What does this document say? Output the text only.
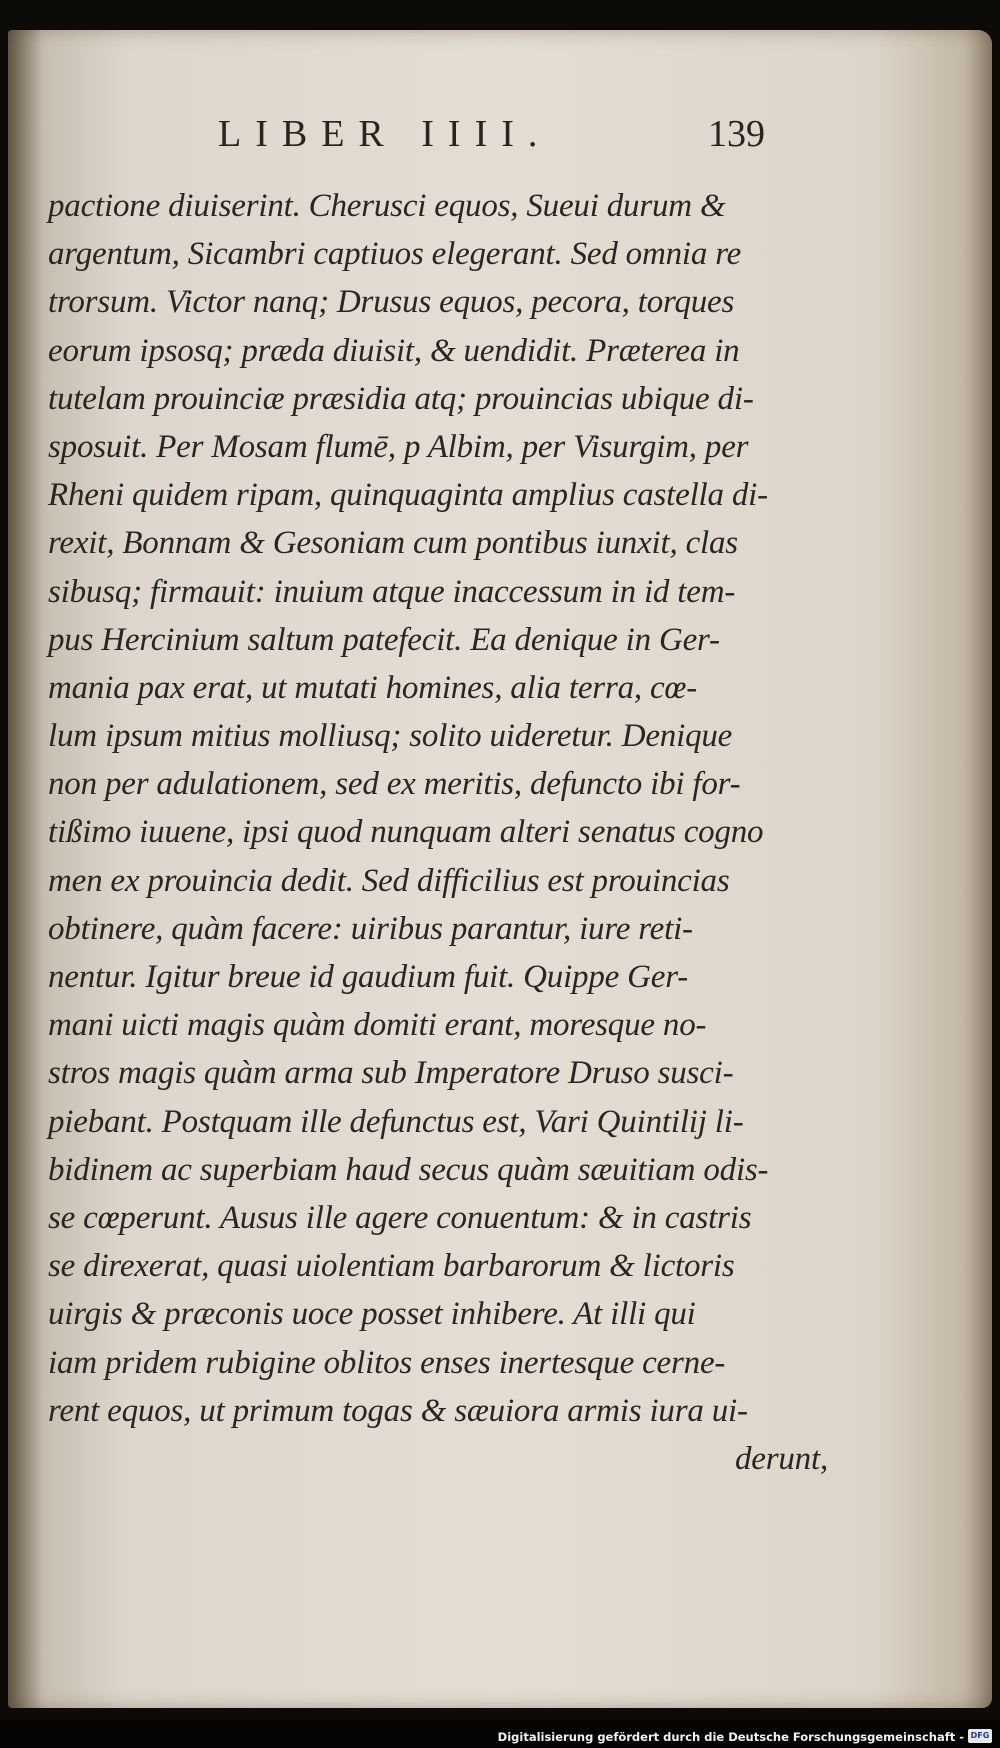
LIBER IIII.	139
pactione diuiserint. Cherusci equos, Sueui durum &
argentum, Sicambri captiuos elegerant. Sed omnia re
trorsum. Victor nanq; Drusus equos, pecora, torques
eorum ipsosq; præda diuisit, & uendidit. Præterea in
tutelam prouinciæ præsidia atq; prouincias ubique di-
sposuit. Per Mosam flumē, p Albim, per Visurgim, per
Rheni quidem ripam, quinquaginta amplius castella di-
rexit, Bonnam & Gesoniam cum pontibus iunxit, clas
sibusq; firmauit: inuium atque inaccessum in id tem-
pus Hercinium saltum patefecit. Ea denique in Ger-
mania pax erat, ut mutati homines, alia terra, cœ-
lum ipsum mitius molliusq; solito uideretur. Denique
non per adulationem, sed ex meritis, defuncto ibi for-
tißimo iuuene, ipsi quod nunquam alteri senatus cogno
men ex prouincia dedit. Sed difficilius est prouincias
obtinere, quàm facere: uiribus parantur, iure reti-
nentur. Igitur breue id gaudium fuit. Quippe Ger-
mani uicti magis quàm domiti erant, moresque no-
stros magis quàm arma sub Imperatore Druso susci-
piebant. Postquam ille defunctus est, Vari Quintilij li-
bidinem ac superbiam haud secus quàm sæuitiam odis-
se cœperunt. Ausus ille agere conuentum: & in castris
se direxerat, quasi uiolentiam barbarorum & lictoris
uirgis & præconis uoce posset inhibere. At illi qui
iam pridem rubigine oblitos enses inertesque cerne-
rent equos, ut primum togas & sæuiora armis iura ui-
derunt,
Digitalisierung gefördert durch die Deutsche Forschungsgemeinschaft - DFG
